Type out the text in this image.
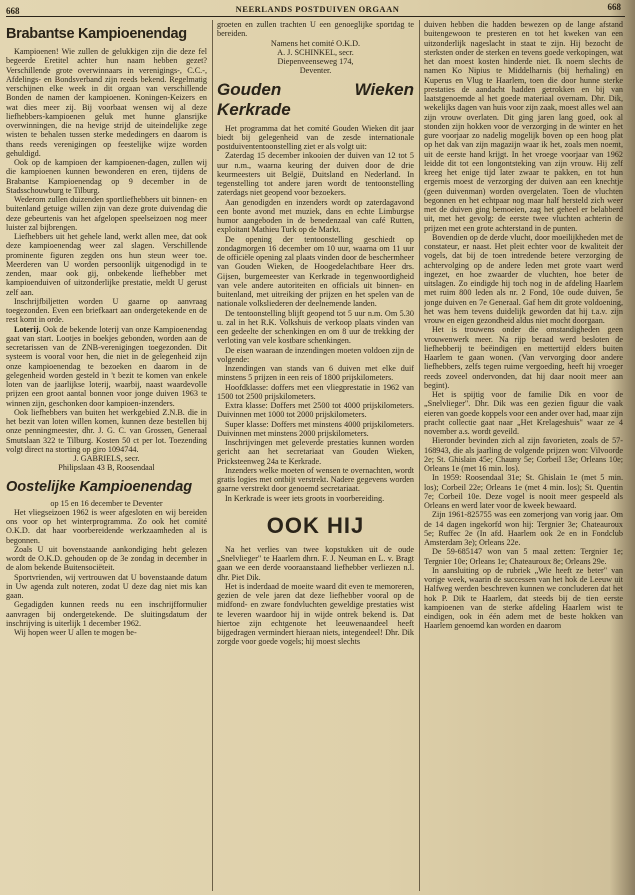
668	NEERLANDS POSTDUIVEN ORGAAN	668
Brabantse Kampioenendag

Kampioenen! Wie zullen de gelukkigen zijn die deze fel begeerde Eretitel achter hun naam hebben gezet? Verschillende grote overwinnaars in verenigings-, C.C.-, Afdelings- en Bondsverband zijn reeds bekend. Regelmatig verschijnen elke week in dit orgaan van verschillende Bonden de namen der kampioenen. Koningen-Keizers en wat dies meer zij. Bij voorbaat wensen wij al deze liefhebbers-kampioenen geluk met hunne glansrijke overwinningen, die na hevige strijd de uiteindelijke zege wisten te behalen tussen sterke mededingers en daarom is thans reeds verenigingen op feestelijke wijze worden gehuldigd.

Ook op de kampioen der kampioenen-dagen, zullen wij die kampioenen kunnen bewonderen en eren, tijdens de Brabantse Kampioenendag op 9 december in de Stadsschouwburg te Tilburg.

Wederom zullen duizenden sportliefhebbers uit binnen- en buitenland getuige willen zijn van deze grote duivendag die deze gebeurtenis van het afgelopen speelseizoen nog meer luister zal bijbrengen.

Liefhebbers uit het gehele land, werkt allen mee, dat ook deze kampioenendag weer zal slagen. Verschillende prominente figuren zegden ons hun steun weer toe. Meerderen van U worden persoonlijk uitgenodigd in te zenden, maar ook gij, onbekende liefhebber met kampioenduiven of uitzonderlijke prestatie, meldt U gerust zelf aan.

Inschrijfbiljetten worden U gaarne op aanvraag toegezonden. Even een briefkaart aan ondergetekende en de rest komt in orde.

Loterij. Ook de bekende loterij van onze Kampioenendag gaat van start. Lootjes in boekjes gebonden, worden aan de secretarissen van de ZNB-verenigingen toegezonden. Dit systeem is vooral voor hen, die niet in de gelegenheid zijn onze kampioenendag te bezoeken en daarom in de gelegenheid worden gesteld in 't bezit te komen van enkele loten van de jaarlijkse loterij, waarbij, naast waardevolle prijzen een groot aantal bonnen voor jonge duiven 1963 te winnen zijn, geschonken door kampioen-inzenders.

Ook liefhebbers van buiten het werkgebied Z.N.B. die in het bezit van loten willen komen, kunnen deze bestellen bij onze penningmeester, dhr. J. G. C. van Grossen, Generaal Smutslaan 322 te Tilburg. Kosten 50 ct per lot. Toezending volgt direct na storting op giro 1094744.

J. GABRIELS, secr.

Philipslaan 43 B, Roosendaal

Oostelijke Kampioenendag

op 15 en 16 december te Deventer

Het vliegseizoen 1962 is weer afgesloten en wij bereiden ons voor op het winterprogramma. Zo ook het comité O.K.D. dat haar voorbereidende werkzaamheden al is begonnen.

Zoals U uit bovenstaande aankondiging hebt gelezen wordt de O.K.D. gehouden op de 3e zondag in december in de alom bekende Buitensociëteit.

Sportvrienden, wij vertrouwen dat U bovenstaande datum in Uw agenda zult noteren, zodat U deze dag niet mis kan gaan.

Gegadigden kunnen reeds nu een inschrijfformulier aanvragen bij ondergetekende. De sluitingsdatum der inschrijving is uiterlijk 1 december 1962.

Wij hopen weer U allen te mogen be-

groeten en zullen trachten U een genoeglijke sportdag te bereiden.

Namens het comité O.K.D.

A. J. SCHINKEL, secr.

Diepenveenseweg 174,

Deventer.

Gouden Wieken Kerkrade

Het programma dat het comité Gouden Wieken dit jaar biedt bij gelegenheid van de zesde internationale postduivententoonstelling ziet er als volgt uit:

Zaterdag 15 december inkooien der duiven van 12 tot 5 uur n.m., waarna keuring der duiven door de drie keurmeesters uit België, Duitsland en Nederland. In tegenstelling tot andere jaren wordt de tentoonstelling zaterdags niet geopend voor bezoekers.

Aan genodigden en inzenders wordt op zaterdagavond een bonte avond met muziek, dans en echte Limburgse humor aangeboden in de benedenzaal van café Rutten, exploitant Mathieu Turk op de Markt.

De opening der tentoonstelling geschiedt op zondagmorgen 16 december om 10 uur, waarna om 11 uur de officiële opening zal plaats vinden door de beschermheer van Gouden Wieken, de Hoogedelachtbare Heer drs. Gijsen, burgemeester van Kerkrade in tegenwoordigheid van vele andere autoriteiten en officials uit binnen- en buitenland, met uitreiking der prijzen en het spelen van de nationale volksliederen der deelnemende landen.

De tentoonstelling blijft geopend tot 5 uur n.m. Om 5.30 u. zal in het R.K. Volkshuis de verkoop plaats vinden van een gedeelte der schenkingen en om 8 uur de trekking der verloting van vele kostbare schenkingen.

De eisen waaraan de inzendingen moeten voldoen zijn de volgende:

Inzendingen van stands van 6 duiven met elke duif minstens 5 prijzen in een reis of 1800 prijskilometers.

Hoofdklasse: doffers met een vliegprestatie in 1962 van 1500 tot 2500 prijskilometers.

Extra klasse: Doffers met 2500 tot 4000 prijskilometers. Duivinnen met 1000 tot 2000 prijskilometers.

Super klasse: Doffers met minstens 4000 prijskilometers. Duivinnen met minstens 2000 prijskilometers.

Inschrijvingen met geleverde prestaties kunnen worden gericht aan het secretariaat van Gouden Wieken, Pricksteenweg 24a te Kerkrade.

Inzenders welke moeten of wensen te overnachten, wordt gratis logies met ontbijt verstrekt. Nadere gegevens worden gaarne verstrekt door genoemd secretariaat.

In Kerkrade is weer iets groots in voorbereiding.

OOK HIJ

Na het verlies van twee kopstukken uit de oude „Snelvlieger" te Haarlem dhrn. F. J. Neuman en L. v. Bragt gaan we een derde vooraanstaand liefhebber verliezen n.l. dhr. Piet Dik.

Het is inderdaad de moeite waard dit even te memoreren, gezien de vele jaren dat deze liefhebber vooral op de midfond- en zware fondvluchten geweldige prestaties wist te leveren waardoor hij in wijde ontrek bekend is. Dat hiertoe zijn echtgenote het leeuwenaandeel heeft bijgedragen vermindert hieraan niets, integendeel! Dhr. Dik zorgde voor goede vogels; hij moest slechts

duiven hebben die hadden bewezen op de lange afstand buitengewoon te presteren en tot het kweken van een uitzonderlijk nageslacht in staat te zijn. Hij bezocht de sterksten onder de sterken en tevens goede verkopingen, wat het dan moest kosten hinderde niet. Ik noem slechts de namen Ko Nipius te Middelharnis (bij herhaling) en Kuperus en Vlug te Haarlem, toen die door hunne sterke prestaties de aandacht hadden getrokken en bij van laatstgenoemde al het goede materiaal overnam. Dhr. Dik, wekelijks dagen van huis voor zijn zaak, moest alles wel aan zijn vrouw overlaten. Dit ging jaren lang goed, ook al stonden zijn hokken voor de verzorging in de winter en het gure voorjaar zo nadelig mogelijk boven op een hoog plat op het dak van zijn magazijn waar ik het, zoals men noemt, uit de eerste hand krijgt. In het vroege voorjaar van 1962 leidde dit tot een longontsteking van zijn vrouw. Hij zelf kreeg het enige tijd later zwaar te pakken, en tot hun ergernis moest de verzorging der duiven aan een knechtje (geen duivenman) worden overgelaten. Toen de vluchten begonnen en het echtpaar nog maar half hersteld zich weer met de duiven ging bemoeien, zag het geheel er belabberd uit, met het gevolg: de eerste twee vluchten achterin de prijzen met een grote achterstand in de punten.

Bovendien op de derde vlucht, door moeilijkheden met de constateur, er naast. Het pleit echter voor de kwaliteit der vogels, dat bij de toen intredende betere verzorging de achtervolging op de andere leden met grote vaart werd ingezet, en hoe zwaarder de vluchten, hoe beter de uitslagen. Zo eindigde hij toch nog in de afdeling Haarlem met ruim 800 leden als nr. 2 Fond, 10e oude duiven, 5e jonge duiven en 7e Generaal. Gaf hem dit grote voldoening, het was hem tevens duidelijk geworden dat hij t.a.v. zijn vrouw en eigen gezondheid aldus niet mocht doorgaan.

Het is trouwens onder die omstandigheden geen vrouwenwerk meer. Na rijp beraad werd besloten de liefhebberij te beëindigen en mettertijd elders buiten Haarlem te gaan wonen. (Van vervorging door andere liefhebbers, zelfs tegen ruime vergoeding, heeft hij vroeger reeds zoveel ondervonden, dat hij daar nooit meer aan begint).

Het is spijtig voor de familie Dik en voor de „Snelvlieger". Dhr. Dik was een gezien figuur die vaak eieren van goede koppels voor een ander over had, maar zijn pracht collectie gaat naar „Het Krelageshuis" waar ze 4 november a.s. wordt geveild.

Hieronder bevinden zich al zijn favorieten, zoals de 57-168943, die als jaarling de volgende prijzen won: Vilvoorde 2e; St. Ghislain 45e; Chauny 5e; Corbeil 13e; Orleans 10e; Orleans 1e (met 16 min. los).

In 1959: Roosendaal 31e; St. Ghislain 1e (met 5 min. los); Corbeil 22e; Orleans 1e (met 4 min. los); St. Quentin 7e; Corbeil 10e. Deze vogel is nooit meer gespeeld als Orleans en werd later voor de kweek bewaard.

Zijn 1961-825755 was een zomerjong van vorig jaar. Om de 14 dagen ingekorfd won hij: Tergnier 3e; Chateauroux 5e; Ruffec 2e (In afd. Haarlem ook 2e en in Fondclub Amsterdam 3e); Orleans 22e.

De 59-685147 won van 5 maal zetten: Tergnier 1e; Tergnier 10e; Orleans 1e; Chateauroux 8e; Orleans 29e.

In aansluiting op de rubriek „Wie heeft ze beter" van vorige week, waarin de successen van het hok de Leeuw uit Halfweg werden beschreven kunnen we concluderen dat het hok P. Dik te Haarlem, dat steeds bij de tien eerste kampioenen van de sterke afdeling Haarlem wist te eindigen, ook in één adem met de beste hokken van Haarlem genoemd kan worden en daarom
